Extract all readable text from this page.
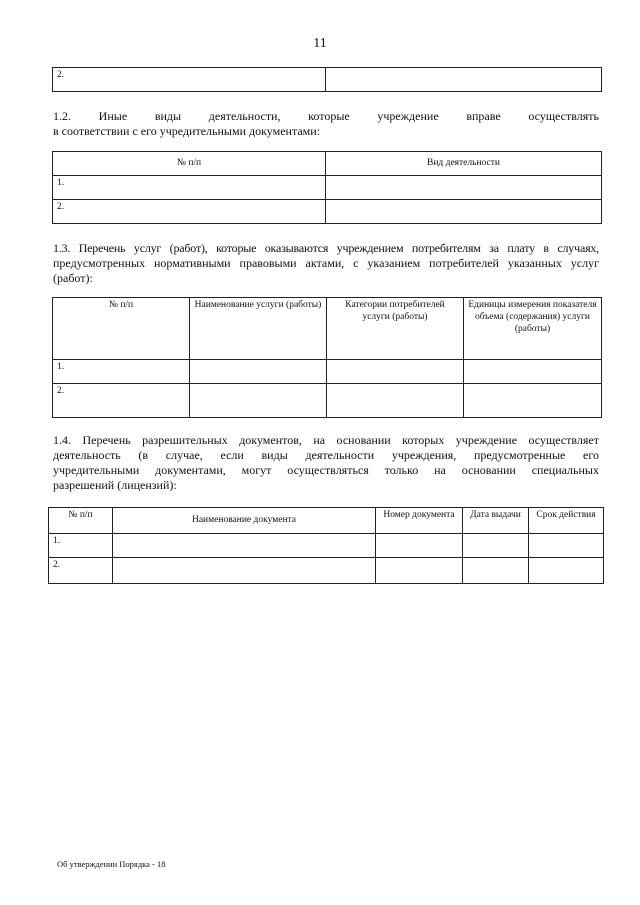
11
2.	
1.2. Иные виды деятельности, которые учреждение вправе осуществлять
в соответствии с его учредительными документами:
№ п/п	Вид деятельности
1.	
2.	
1.3. Перечень услуг (работ), которые оказываются учреждением потребителям за плату в случаях,
предусмотренных нормативными правовыми актами, с указанием потребителей указанных услуг
(работ):
№ п/п	Наименование услуги (работы)	Категории потребителей услуги (работы)	Единицы измерения показателя объема (содержания) услуги (работы)
1.			
2.			
1.4. Перечень разрешительных документов, на основании которых учреждение осуществляет
деятельность (в случае, если виды деятельности учреждения, предусмотренные его
учредительными документами, могут осуществляться только на основании специальных
разрешений (лицензий):
№ п/п	Наименование документа	Номер документа	Дата выдачи	Срок действия
1.				
2.				
Об утверждении Порядка - 18
